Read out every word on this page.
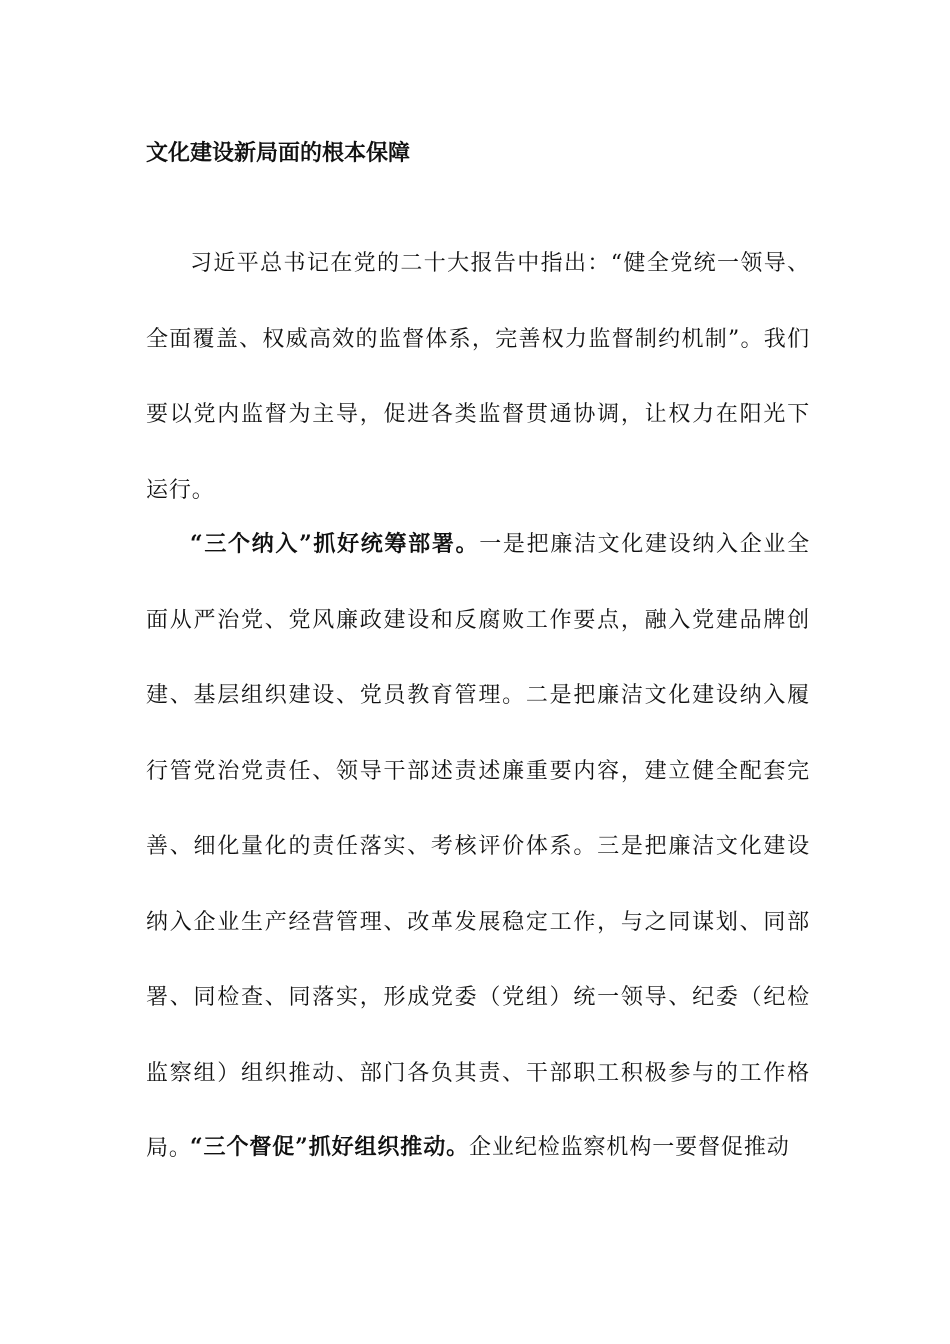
文化建设新局面的根本保障

习近平总书记在党的二十大报告中指出：“健全党统一领导、全面覆盖、权威高效的监督体系，完善权力监督制约机制”。我们要以党内监督为主导，促进各类监督贯通协调，让权力在阳光下运行。

“三个纳入”抓好统筹部署。一是把廉洁文化建设纳入企业全面从严治党、党风廉政建设和反腐败工作要点，融入党建品牌创建、基层组织建设、党员教育管理。二是把廉洁文化建设纳入履行管党治党责任、领导干部述责述廉重要内容，建立健全配套完善、细化量化的责任落实、考核评价体系。三是把廉洁文化建设纳入企业生产经营管理、改革发展稳定工作，与之同谋划、同部署、同检查、同落实，形成党委（党组）统一领导、纪委（纪检监察组）组织推动、部门各负其责、干部职工积极参与的工作格局。

“三个督促”抓好组织推动。企业纪检监察机构一要督促推动
